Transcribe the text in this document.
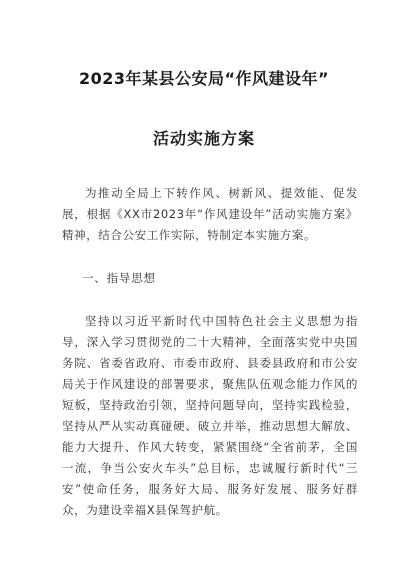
2023年某县公安局“作风建设年”
活动实施方案
为推动全局上下转作风、树新风、提效能、促发展，根据《XX市2023年“作风建设年”活动实施方案》精神，结合公安工作实际，特制定本实施方案。
一、指导思想
坚持以习近平新时代中国特色社会主义思想为指导，深入学习贯彻党的二十大精神，全面落实党中央国务院、省委省政府、市委市政府、县委县政府和市公安局关于作风建设的部署要求，聚焦队伍观念能力作风的短板，坚持政治引领，坚持问题导向，坚持实践检验，坚持从严从实动真碰硬、破立并举，推动思想大解放、能力大提升、作风大转变，紧紧围绕“全省前茅，全国一流，争当公安火车头”总目标，忠诚履行新时代“三安”使命任务，服务好大局、服务好发展、服务好群众，为建设幸福X县保驾护航。
